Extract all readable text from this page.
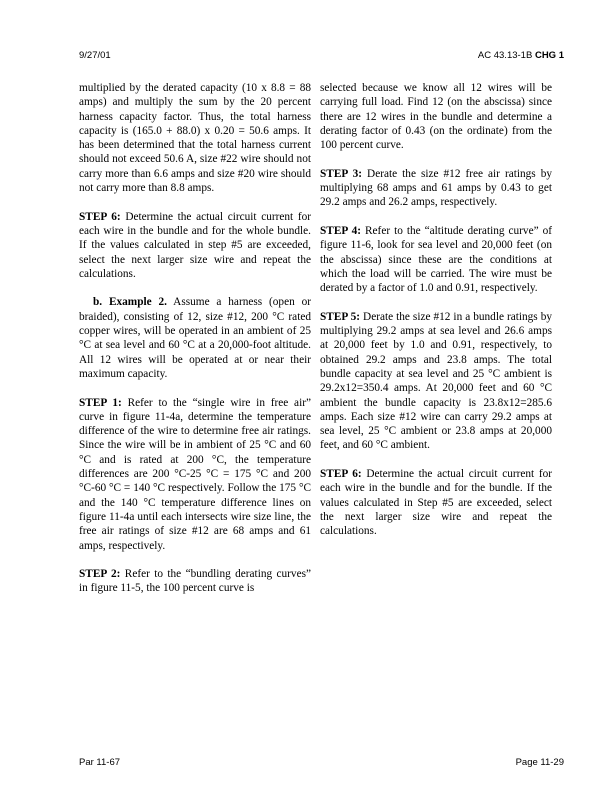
9/27/01	AC 43.13-1B CHG 1

multiplied by the derated capacity (10 x 8.8 = 88 amps) and multiply the sum by the 20 percent harness capacity factor. Thus, the total harness capacity is (165.0 + 88.0) x 0.20 = 50.6 amps. It has been determined that the total harness current should not exceed 50.6 A, size #22 wire should not carry more than 6.6 amps and size #20 wire should not carry more than 8.8 amps.

STEP 6: Determine the actual circuit current for each wire in the bundle and for the whole bundle. If the values calculated in step #5 are exceeded, select the next larger size wire and repeat the calculations.

b. Example 2. Assume a harness (open or braided), consisting of 12, size #12, 200 °C rated copper wires, will be operated in an ambient of 25 °C at sea level and 60 °C at a 20,000-foot altitude. All 12 wires will be operated at or near their maximum capacity.

STEP 1: Refer to the “single wire in free air” curve in figure 11-4a, determine the temperature difference of the wire to determine free air ratings. Since the wire will be in ambient of 25 °C and 60 °C and is rated at 200 °C, the temperature differences are 200 °C-25 °C = 175 °C and 200 °C-60 °C = 140 °C respectively. Follow the 175 °C and the 140 °C temperature difference lines on figure 11-4a until each intersects wire size line, the free air ratings of size #12 are 68 amps and 61 amps, respectively.

STEP 2: Refer to the “bundling derating curves” in figure 11-5, the 100 percent curve is

selected because we know all 12 wires will be carrying full load. Find 12 (on the abscissa) since there are 12 wires in the bundle and determine a derating factor of 0.43 (on the ordinate) from the 100 percent curve.

STEP 3: Derate the size #12 free air ratings by multiplying 68 amps and 61 amps by 0.43 to get 29.2 amps and 26.2 amps, respectively.

STEP 4: Refer to the “altitude derating curve” of figure 11-6, look for sea level and 20,000 feet (on the abscissa) since these are the conditions at which the load will be carried. The wire must be derated by a factor of 1.0 and 0.91, respectively.

STEP 5: Derate the size #12 in a bundle ratings by multiplying 29.2 amps at sea level and 26.6 amps at 20,000 feet by 1.0 and 0.91, respectively, to obtained 29.2 amps and 23.8 amps. The total bundle capacity at sea level and 25 °C ambient is 29.2x12=350.4 amps. At 20,000 feet and 60 °C ambient the bundle capacity is 23.8x12=285.6 amps. Each size #12 wire can carry 29.2 amps at sea level, 25 °C ambient or 23.8 amps at 20,000 feet, and 60 °C ambient.

STEP 6: Determine the actual circuit current for each wire in the bundle and for the bundle. If the values calculated in Step #5 are exceeded, select the next larger size wire and repeat the calculations.

Par 11-67	Page 11-29
